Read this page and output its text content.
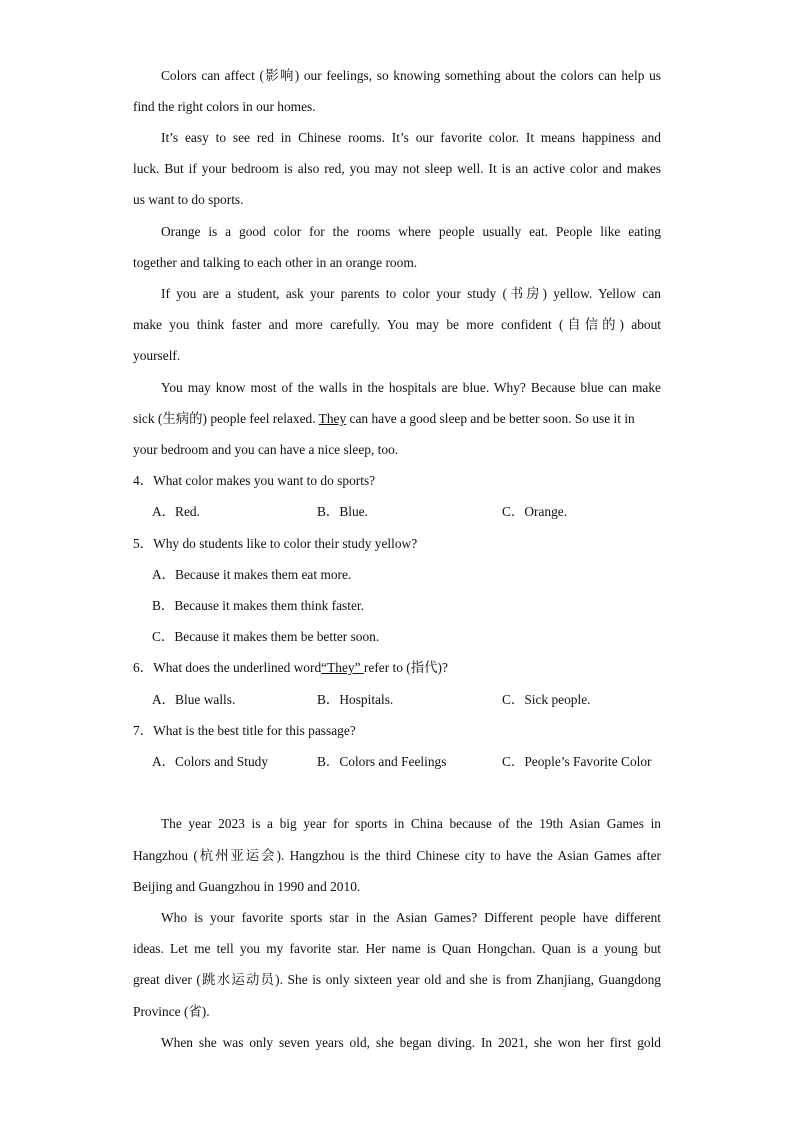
Colors can affect (影响) our feelings, so knowing something about the colors can help us
find the right colors in our homes.
It’s easy to see red in Chinese rooms. It’s our favorite color. It means happiness and
luck. But if your bedroom is also red, you may not sleep well. It is an active color and makes
us want to do sports.
Orange is a good color for the rooms where people usually eat. People like eating
together and talking to each other in an orange room.
If you are a student, ask your parents to color your study (书房) yellow. Yellow can
make you think faster and more carefully. You may be more confident (自信的) about
yourself.
You may know most of the walls in the hospitals are blue. Why? Because blue can make
sick (生病的) people feel relaxed. They can have a good sleep and be better soon. So use it in
your bedroom and you can have a nice sleep, too.
4．What color makes you want to do sports?
A．Red.	B．Blue.	C．Orange.
5．Why do students like to color their study yellow?
A．Because it makes them eat more.
B．Because it makes them think faster.
C．Because it makes them be better soon.
6．What does the underlined word“They” refer to (指代)?
A．Blue walls.	B．Hospitals.	C．Sick people.
7．What is the best title for this passage?
A．Colors and Study	B．Colors and Feelings	C．People’s Favorite Color
The year 2023 is a big year for sports in China because of the 19th Asian Games in
Hangzhou (杭州亚运会). Hangzhou is the third Chinese city to have the Asian Games after
Beijing and Guangzhou in 1990 and 2010.
Who is your favorite sports star in the Asian Games? Different people have different
ideas. Let me tell you my favorite star. Her name is Quan Hongchan. Quan is a young but
great diver (跳水运动员). She is only sixteen year old and she is from Zhanjiang, Guangdong
Province (省).
When she was only seven years old, she began diving. In 2021, she won her first gold
